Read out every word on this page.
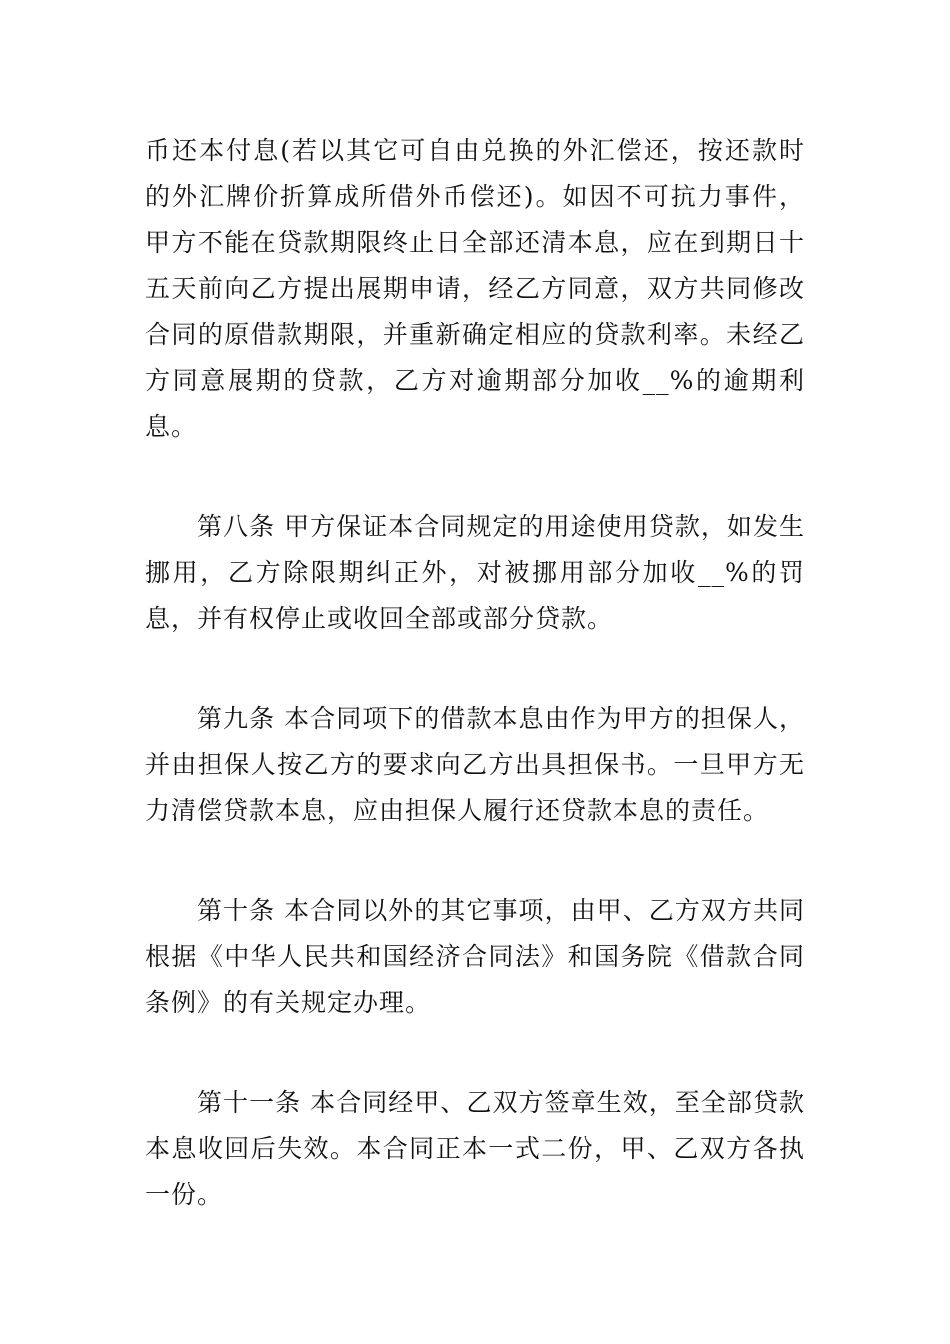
币还本付息(若以其它可自由兑换的外汇偿还，按还款时的外汇牌价折算成所借外币偿还)。如因不可抗力事件，甲方不能在贷款期限终止日全部还清本息，应在到期日十五天前向乙方提出展期申请，经乙方同意，双方共同修改合同的原借款期限，并重新确定相应的贷款利率。未经乙方同意展期的贷款，乙方对逾期部分加收__%的逾期利息。

第八条 甲方保证本合同规定的用途使用贷款，如发生挪用，乙方除限期纠正外，对被挪用部分加收__%的罚息，并有权停止或收回全部或部分贷款。

第九条 本合同项下的借款本息由作为甲方的担保人，并由担保人按乙方的要求向乙方出具担保书。一旦甲方无力清偿贷款本息，应由担保人履行还贷款本息的责任。

第十条 本合同以外的其它事项，由甲、乙方双方共同根据《中华人民共和国经济合同法》和国务院《借款合同条例》的有关规定办理。

第十一条 本合同经甲、乙双方签章生效，至全部贷款本息收回后失效。本合同正本一式二份，甲、乙双方各执一份。
